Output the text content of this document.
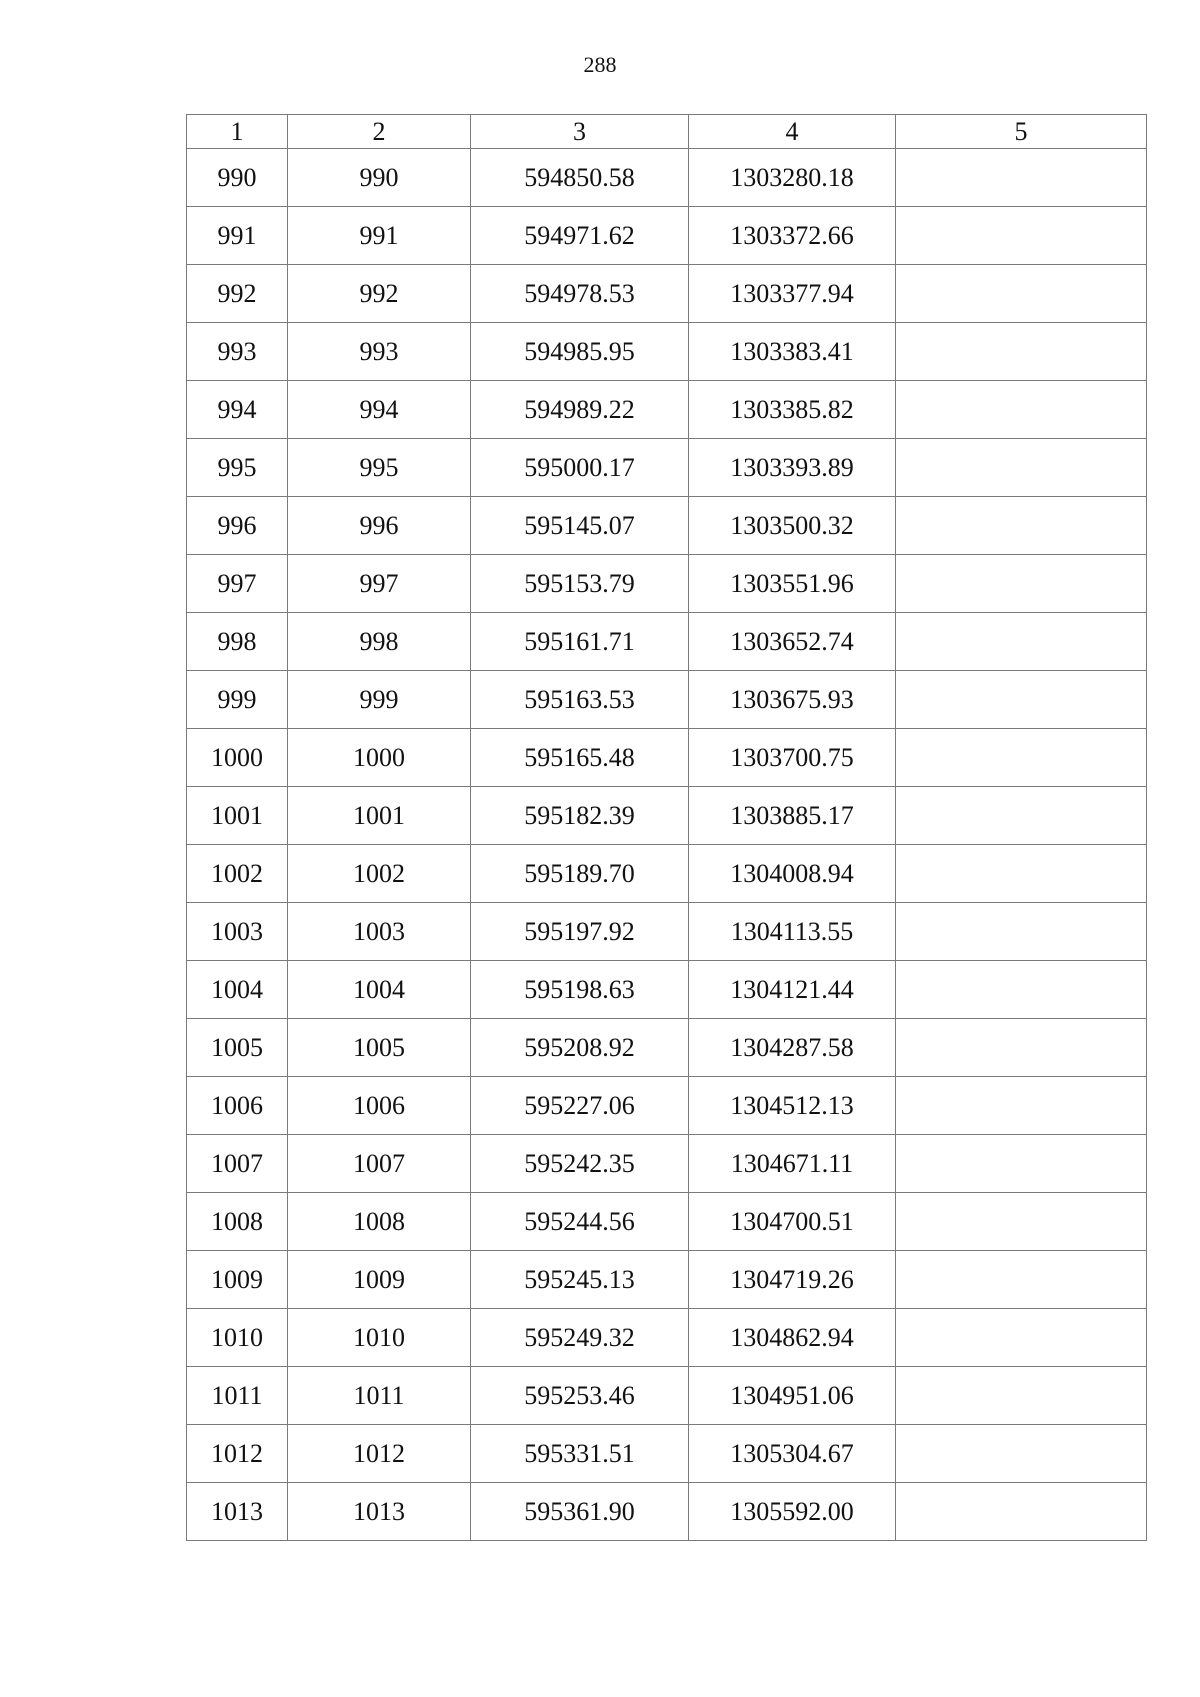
288
1	2	3	4	5
990	990	594850.58	1303280.18	
991	991	594971.62	1303372.66	
992	992	594978.53	1303377.94	
993	993	594985.95	1303383.41	
994	994	594989.22	1303385.82	
995	995	595000.17	1303393.89	
996	996	595145.07	1303500.32	
997	997	595153.79	1303551.96	
998	998	595161.71	1303652.74	
999	999	595163.53	1303675.93	
1000	1000	595165.48	1303700.75	
1001	1001	595182.39	1303885.17	
1002	1002	595189.70	1304008.94	
1003	1003	595197.92	1304113.55	
1004	1004	595198.63	1304121.44	
1005	1005	595208.92	1304287.58	
1006	1006	595227.06	1304512.13	
1007	1007	595242.35	1304671.11	
1008	1008	595244.56	1304700.51	
1009	1009	595245.13	1304719.26	
1010	1010	595249.32	1304862.94	
1011	1011	595253.46	1304951.06	
1012	1012	595331.51	1305304.67	
1013	1013	595361.90	1305592.00	
